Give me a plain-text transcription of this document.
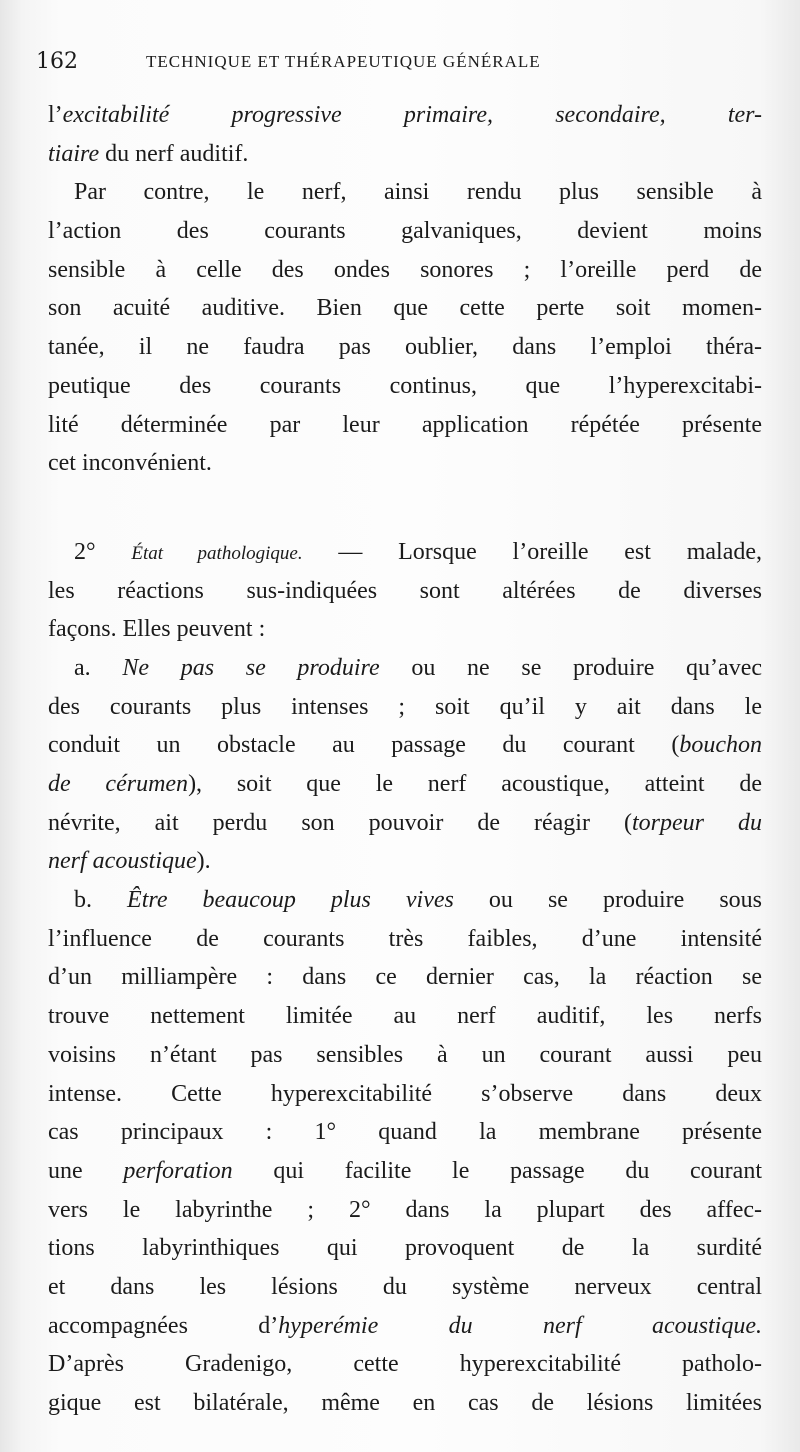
162	TECHNIQUE ET THÉRAPEUTIQUE GÉNÉRALE
l’excitabilité progressive primaire, secondaire, ter-
tiaire du nerf auditif.
Par contre, le nerf, ainsi rendu plus sensible à
l’action des courants galvaniques, devient moins
sensible à celle des ondes sonores ; l’oreille perd de
son acuité auditive. Bien que cette perte soit momen-
tanée, il ne faudra pas oublier, dans l’emploi théra-
peutique des courants continus, que l’hyperexcitabi-
lité déterminée par leur application répétée présente
cet inconvénient.
2° État pathologique. — Lorsque l’oreille est malade,
les réactions sus-indiquées sont altérées de diverses
façons. Elles peuvent :
a. Ne pas se produire ou ne se produire qu’avec
des courants plus intenses ; soit qu’il y ait dans le
conduit un obstacle au passage du courant (bouchon
de cérumen), soit que le nerf acoustique, atteint de
névrite, ait perdu son pouvoir de réagir (torpeur du
nerf acoustique).
b. Être beaucoup plus vives ou se produire sous
l’influence de courants très faibles, d’une intensité
d’un milliampère : dans ce dernier cas, la réaction se
trouve nettement limitée au nerf auditif, les nerfs
voisins n’étant pas sensibles à un courant aussi peu
intense. Cette hyperexcitabilité s’observe dans deux
cas principaux : 1° quand la membrane présente
une perforation qui facilite le passage du courant
vers le labyrinthe ; 2° dans la plupart des affec-
tions labyrinthiques qui provoquent de la surdité
et dans les lésions du système nerveux central
accompagnées d’hyperémie du nerf acoustique.
D’après Gradenigo, cette hyperexcitabilité patholo-
gique est bilatérale, même en cas de lésions limitées
